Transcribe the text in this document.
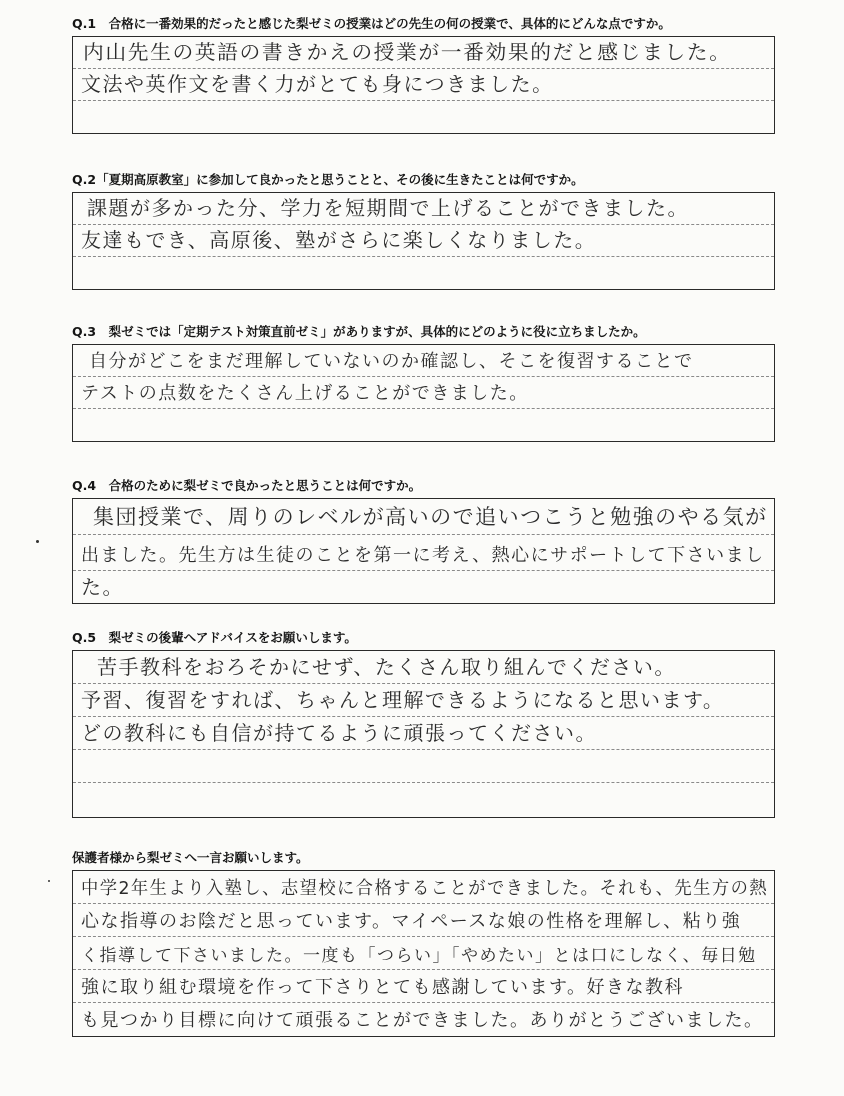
Q.1　合格に一番効果的だったと感じた梨ゼミの授業はどの先生の何の授業で、具体的にどんな点ですか。
内山先生の英語の書きかえの授業が一番効果的だと感じました。
文法や英作文を書く力がとても身につきました。
Q.2「夏期高原教室」に参加して良かったと思うことと、その後に生きたことは何ですか。
課題が多かった分、学力を短期間で上げることができました。
友達もでき、高原後、塾がさらに楽しくなりました。
Q.3　梨ゼミでは「定期テスト対策直前ゼミ」がありますが、具体的にどのように役に立ちましたか。
自分がどこをまだ理解していないのか確認し、そこを復習することで
テストの点数をたくさん上げることができました。
Q.4　合格のために梨ゼミで良かったと思うことは何ですか。
集団授業で、周りのレベルが高いので追いつこうと勉強のやる気が
出ました。先生方は生徒のことを第一に考え、熱心にサポートして下さいまし
た。
Q.5　梨ゼミの後輩へアドバイスをお願いします。
苦手教科をおろそかにせず、たくさん取り組んでください。
予習、復習をすれば、ちゃんと理解できるようになると思います。
どの教科にも自信が持てるように頑張ってください。
保護者様から梨ゼミへ一言お願いします。
中学2年生より入塾し、志望校に合格することができました。それも、先生方の熱
心な指導のお陰だと思っています。マイペースな娘の性格を理解し、粘り強
く指導して下さいました。一度も「つらい」「やめたい」とは口にしなく、毎日勉
強に取り組む環境を作って下さりとても感謝しています。好きな教科
も見つかり目標に向けて頑張ることができました。ありがとうございました。
